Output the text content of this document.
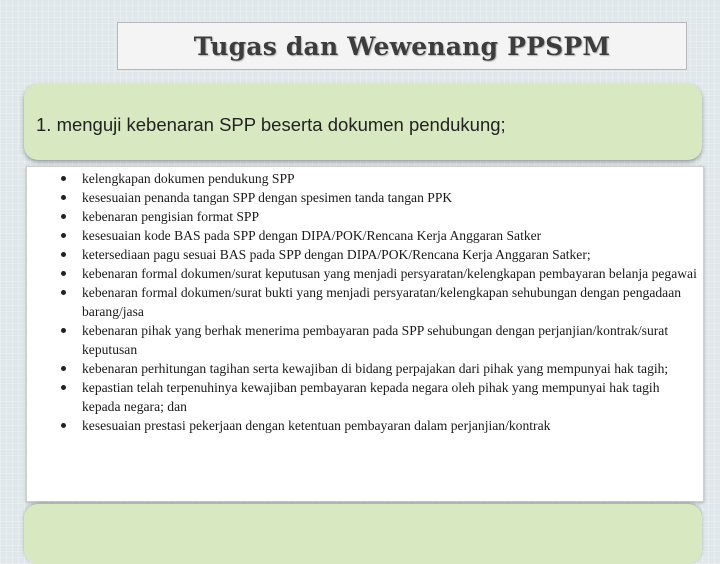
Tugas dan Wewenang PPSPM
1. menguji kebenaran SPP beserta dokumen pendukung;
kelengkapan dokumen pendukung SPP
kesesuaian penanda tangan SPP dengan spesimen tanda tangan PPK
kebenaran pengisian format SPP
kesesuaian kode BAS pada SPP dengan DIPA/POK/Rencana Kerja Anggaran Satker
ketersediaan pagu sesuai BAS pada SPP dengan DIPA/POK/Rencana Kerja Anggaran Satker;
kebenaran formal dokumen/surat keputusan yang menjadi persyaratan/kelengkapan pembayaran belanja pegawai
kebenaran formal dokumen/surat bukti yang menjadi persyaratan/kelengkapan sehubungan dengan pengadaan barang/jasa
kebenaran pihak yang berhak menerima pembayaran pada SPP sehubungan dengan perjanjian/kontrak/surat keputusan
kebenaran perhitungan tagihan serta kewajiban di bidang perpajakan dari pihak yang mempunyai hak tagih;
kepastian telah terpenuhinya kewajiban pembayaran kepada negara oleh pihak yang mempunyai hak tagih kepada negara; dan
kesesuaian prestasi pekerjaan dengan ketentuan pembayaran dalam perjanjian/kontrak
